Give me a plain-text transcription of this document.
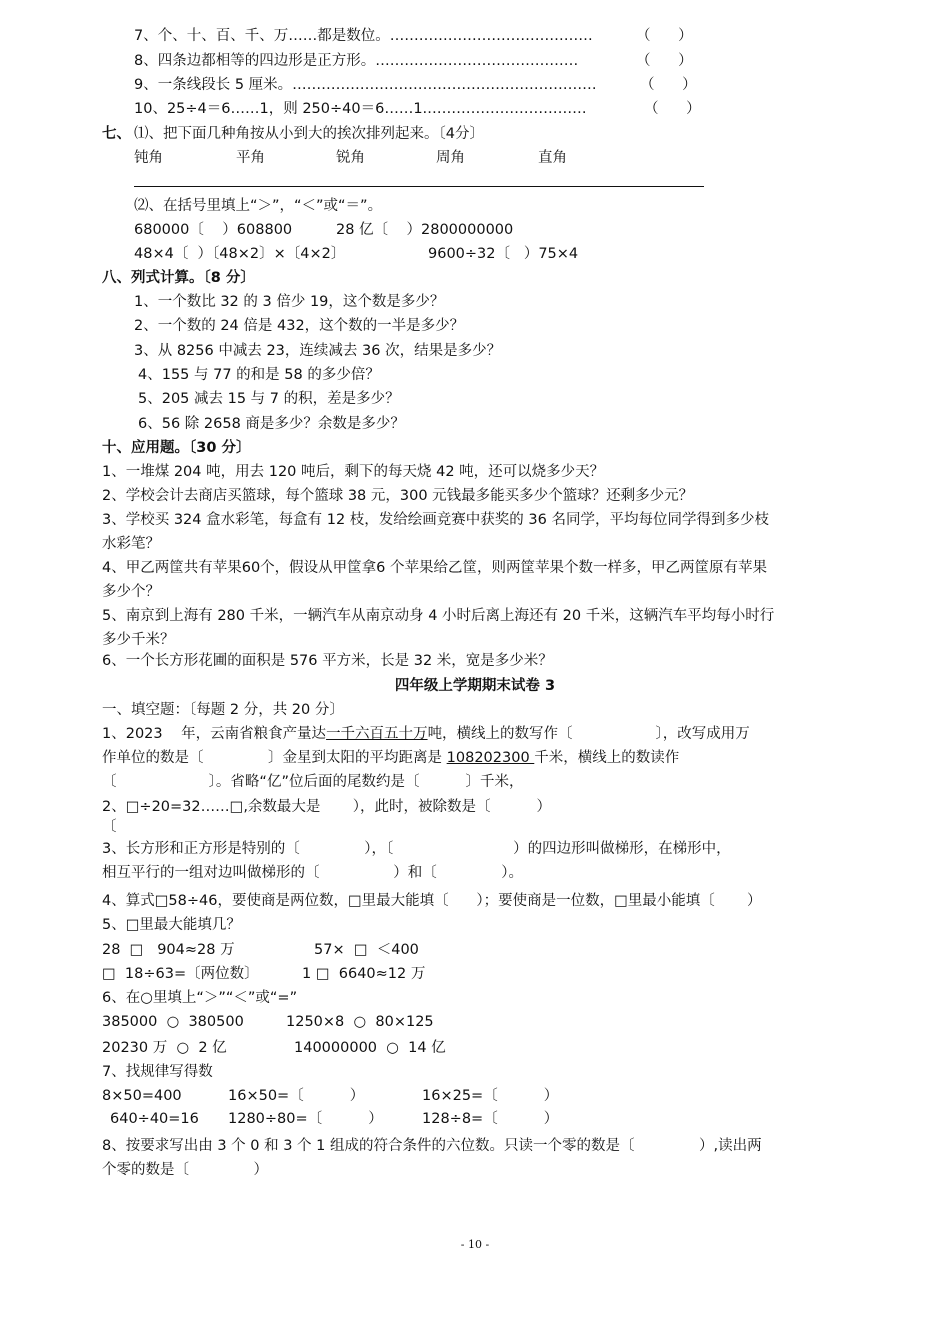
7、个、十、百、千、万……都是数位。……………………………………	（      ）
8、四条边都相等的四边形是正方形。……………………………………	（      ）
9、一条线段长 5 厘米。………………………………………………………	（      ）
10、25÷4＝6……1，则 250÷40＝6……1.……………………………	（      ）
七、 ⑴、把下面几种角按从小到大的挨次排列起来。〔4分〕
钝角	平角	锐角	周角	直角
⑵、在括号里填上“＞”，“＜”或“＝”。
680000〔    ）608800	28 亿〔    ）2800000000
48×4〔  ）〔48×2〕×〔4×2〕	9600÷32〔   ）75×4
八、列式计算。〔8 分〕
1、一个数比 32 的 3 倍少 19，这个数是多少？
2、一个数的 24 倍是 432，这个数的一半是多少？
3、从 8256 中减去 23，连续减去 36 次，结果是多少？
4、155 与 77 的和是 58 的多少倍？
5、205 减去 15 与 7 的积，差是多少？
6、56 除 2658 商是多少？余数是多少？
十、应用题。〔30 分〕
1、一堆煤 204 吨，用去 120 吨后，剩下的每天烧 42 吨，还可以烧多少天？
2、学校会计去商店买篮球，每个篮球 38 元，300 元钱最多能买多少个篮球？还剩多少元？
3、学校买 324 盒水彩笔，每盒有 12 枝，发给绘画竞赛中获奖的 36 名同学，平均每位同学得到多少枝
水彩笔？
4、甲乙两筐共有苹果60个，假设从甲筐拿6 个苹果给乙筐，则两筐苹果个数一样多，甲乙两筐原有苹果
多少个？
5、南京到上海有 280 千米，一辆汽车从南京动身 4 小时后离上海还有 20 千米，这辆汽车平均每小时行
多少千米？
6、一个长方形花圃的面积是 576 平方米，长是 32 米，宽是多少米？
四年级上学期期末试卷 3
一、填空题：〔每题 2 分，共 20 分〕
1、2023    年，云南省粮食产量达一千六百五十万吨，横线上的数写作〔                  〕，改写成用万
作单位的数是〔              〕金星到太阳的平均距离是 108202300 千米，横线上的数读作
〔                    〕。省略“亿”位后面的尾数约是〔          〕千米，
2、□÷20=32……□,余数最大是       ），此时，被除数是〔          ）
〔
3、长方形和正方形是特别的〔              ），〔                          ）的四边形叫做梯形，在梯形中，
相互平行的一组对边叫做梯形的〔                ）和〔              ）。
4、算式□58÷46，要使商是两位数，□里最大能填〔      ）；要使商是一位数，□里最小能填〔       ）
5、□里最大能填几？
28  □   904≈28 万	57×  □  ＜400
□  18÷63=〔两位数〕	1 □  6640≈12 万
6、在○里填上“＞”“＜”或“=”
385000  ○  380500	1250×8  ○  80×125
20230 万  ○  2 亿	140000000  ○  14 亿
7、找规律写得数
8×50=400	16×50=〔          ）	16×25=〔          ）
640÷40=16 1280÷80=〔          ）	128÷8=〔          ）
8、按要求写出由 3 个 0 和 3 个 1 组成的符合条件的六位数。只读一个零的数是〔              ）,读出两
个零的数是〔              ）
- 10 -
